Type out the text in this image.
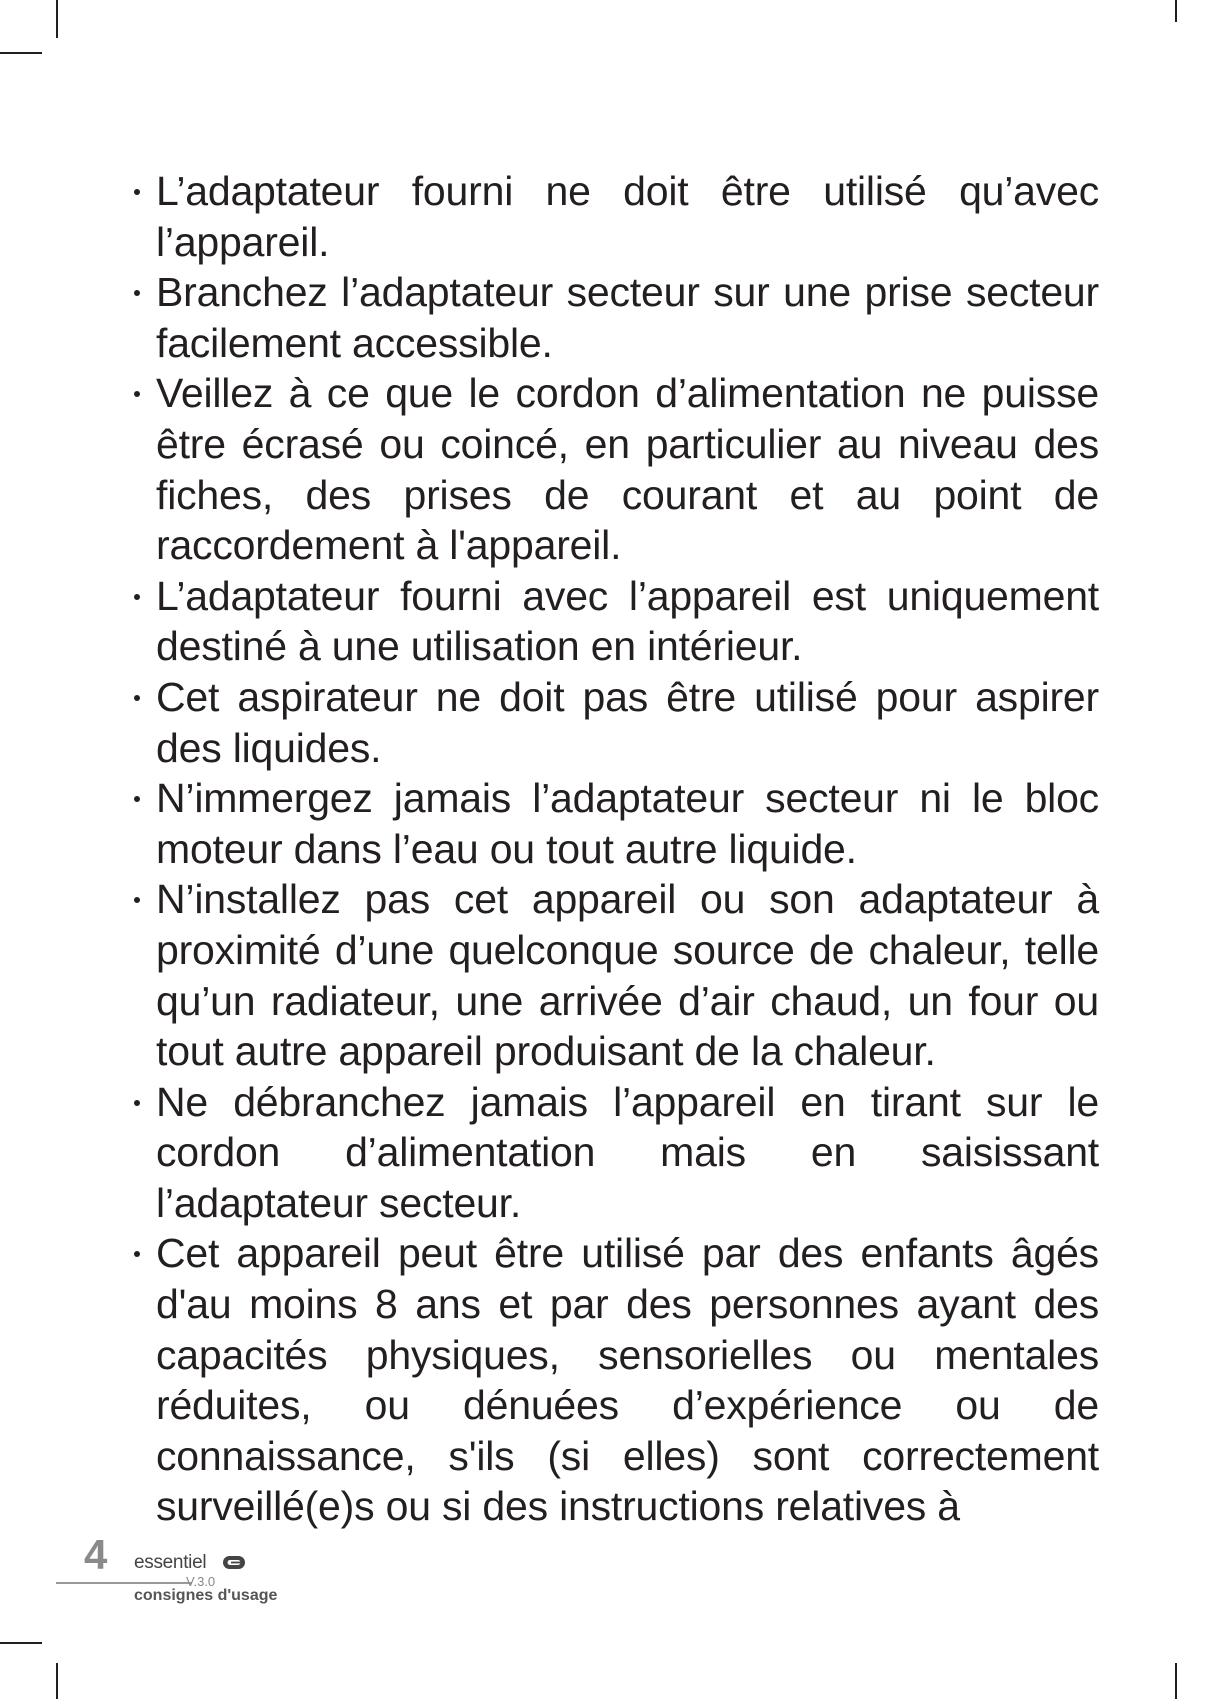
L’adaptateur fourni ne doit être utilisé qu’avec l’appareil.
Branchez l’adaptateur secteur sur une prise secteur facilement accessible.
Veillez à ce que le cordon d’alimentation ne puisse être écrasé ou coincé, en particulier au niveau des fiches, des prises de courant et au point de raccordement à l'appareil.
L’adaptateur fourni avec l’appareil est uniquement destiné à une utilisation en intérieur.
Cet aspirateur ne doit pas être utilisé pour aspirer des liquides.
N’immergez jamais l’adaptateur secteur ni le bloc moteur dans l’eau ou tout autre liquide.
N’installez pas cet appareil ou son adaptateur à proximité d’une quelconque source de chaleur, telle qu’un radiateur, une arrivée d’air chaud, un four ou tout autre appareil produisant de la chaleur.
Ne débranchez jamais l’appareil en tirant sur le cordon d’alimentation mais en saisissant l’adaptateur secteur.
Cet appareil peut être utilisé par des enfants âgés d'au moins 8 ans et par des personnes ayant des capacités physiques, sensorielles ou mentales réduites, ou dénuées d’expérience ou de connaissance, s'ils (si elles) sont correctement surveillé(e)s ou si des instructions relatives à
4 essentiel
V.3.0
consignes d'usage
